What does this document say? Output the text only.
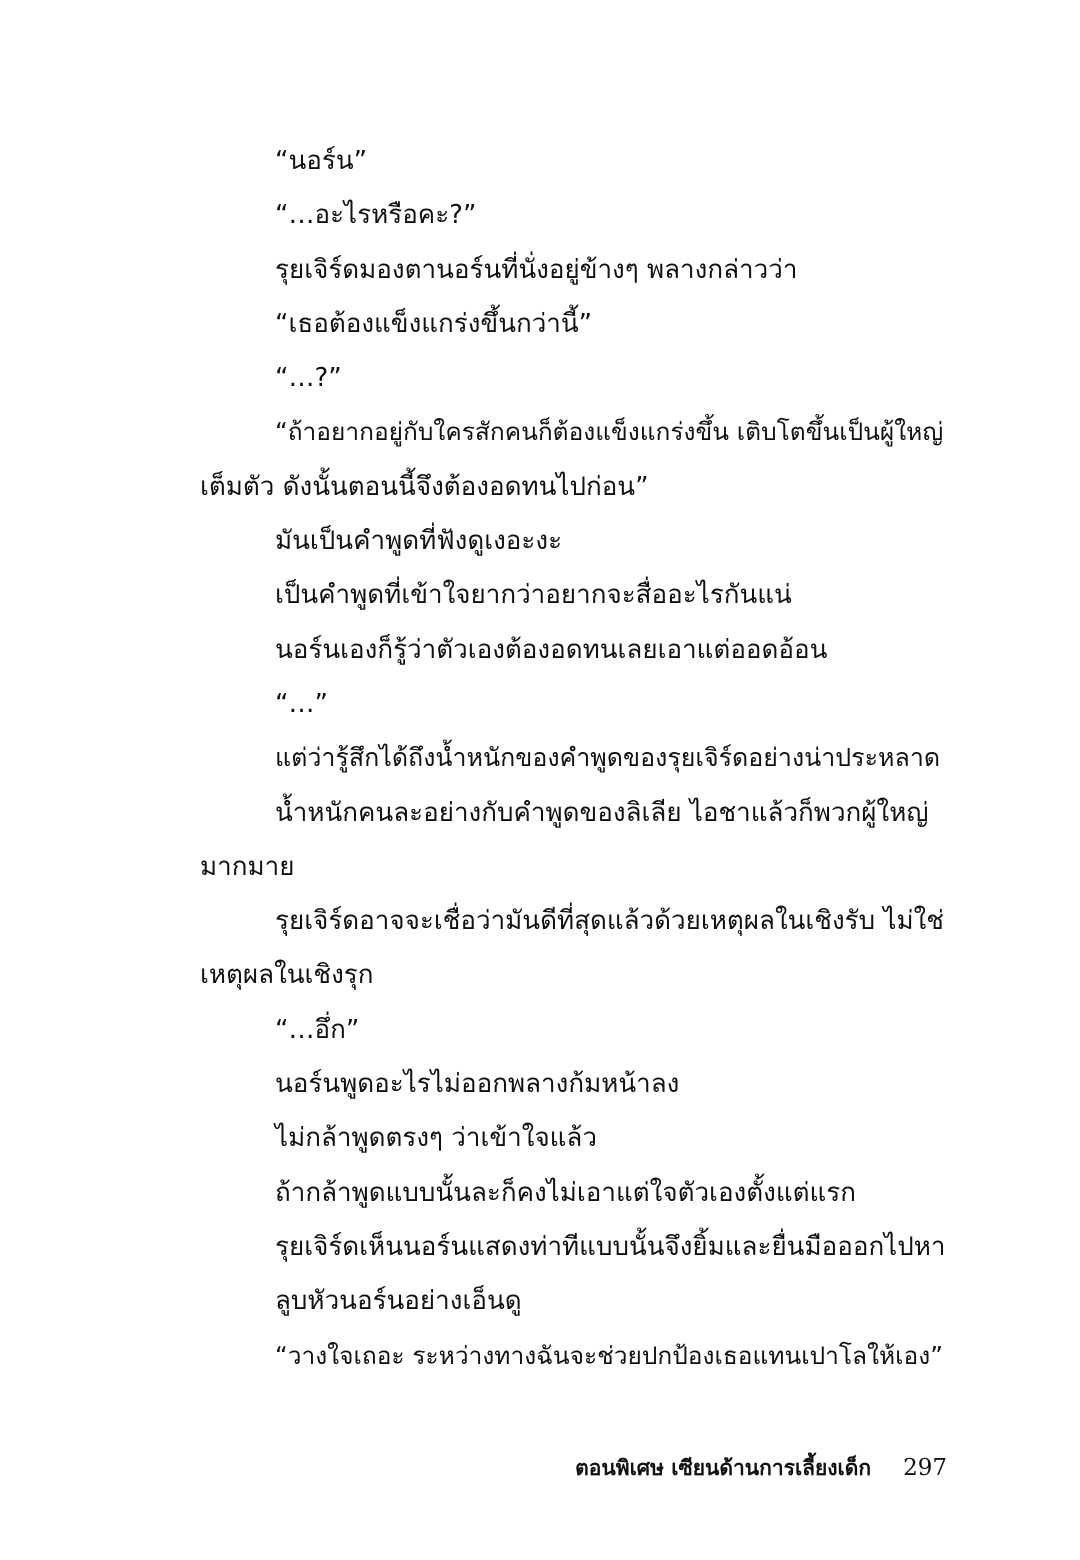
“นอร์น”
“…อะไรหรือคะ?”
รุยเจิร์ดมองตานอร์นที่นั่งอยู่ข้างๆ พลางกล่าวว่า
“เธอต้องแข็งแกร่งขึ้นกว่านี้”
“…?”
“ถ้าอยากอยู่กับใครสักคนก็ต้องแข็งแกร่งขึ้น เติบโตขึ้นเป็นผู้ใหญ่
เต็มตัว ดังนั้นตอนนี้จึงต้องอดทนไปก่อน”
มันเป็นคำพูดที่ฟังดูเงอะงะ
เป็นคำพูดที่เข้าใจยากว่าอยากจะสื่ออะไรกันแน่
นอร์นเองก็รู้ว่าตัวเองต้องอดทนเลยเอาแต่ออดอ้อน
“…”
แต่ว่ารู้สึกได้ถึงน้ำหนักของคำพูดของรุยเจิร์ดอย่างน่าประหลาด
น้ำหนักคนละอย่างกับคำพูดของลิเลีย ไอชาแล้วก็พวกผู้ใหญ่
มากมาย
รุยเจิร์ดอาจจะเชื่อว่ามันดีที่สุดแล้วด้วยเหตุผลในเชิงรับ ไม่ใช่
เหตุผลในเชิงรุก
“…อึ่ก”
นอร์นพูดอะไรไม่ออกพลางก้มหน้าลง
ไม่กล้าพูดตรงๆ ว่าเข้าใจแล้ว
ถ้ากล้าพูดแบบนั้นละก็คงไม่เอาแต่ใจตัวเองตั้งแต่แรก
รุยเจิร์ดเห็นนอร์นแสดงท่าทีแบบนั้นจึงยิ้มและยื่นมือออกไปหา
ลูบหัวนอร์นอย่างเอ็นดู
“วางใจเถอะ ระหว่างทางฉันจะช่วยปกป้องเธอแทนเปาโลให้เอง”
ตอนพิเศษ เซียนด้านการเลี้ยงเด็ก 297
